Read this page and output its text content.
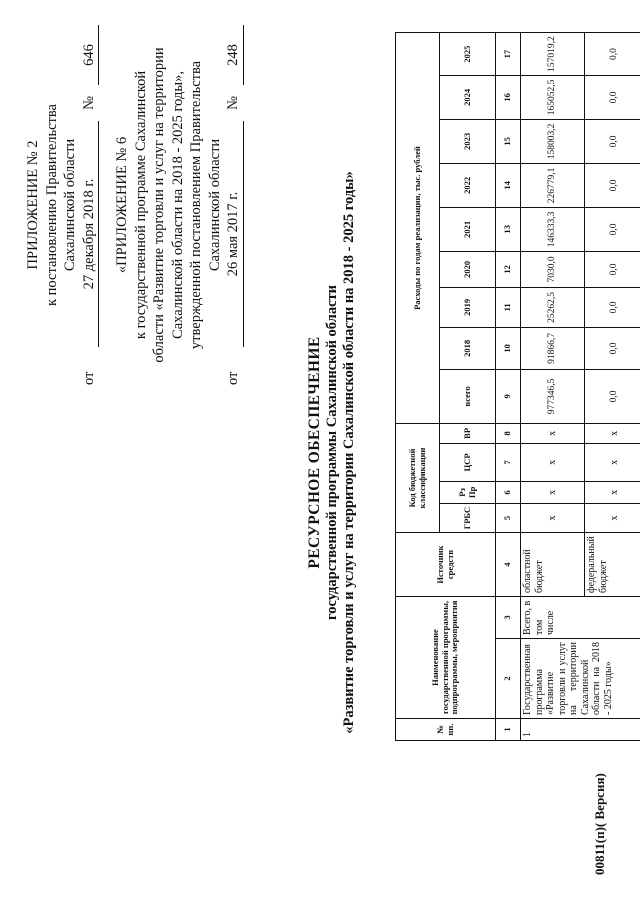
ПРИЛОЖЕНИЕ № 2 к постановлению Правительства Сахалинской области
от
27 декабря 2018 г.
№
646
«ПРИЛОЖЕНИЕ № 6 к государственной программе Сахалинской области «Развитие торговли и услуг на территории Сахалинской области на 2018 - 2025 годы», утвержденной постановлением Правительства Сахалинской области
от
26 мая 2017 г.
№
248
РЕСУРСНОЕ ОБЕСПЕЧЕНИЕ государственной программы Сахалинской области «Развитие торговли и услуг на территории Сахалинской области на 2018 - 2025 годы»	№ пп.	Наименование государственной программы, подпрограммы, мероприятия		Источник средств	Код бюджетной классификации				Расходы по годам реализации, тыс. рублей								
				ГРБС	Рз Пр	ЦСР	ВР	всего	2018	2019	2020	2021	2022	2023	2024	2025
1	2	3	4	5	6	7	8	9	10	11	12	13	14	15	16	17
1	Государственная программа «Развитие торговли и услуг на территории Сахалинской области на 2018 - 2025 годы»	Всего, в том числе	областной бюджет	х	х	х	х	977346,5	91866,7	25262,5	7030,0	146333,3	226779,1	158003,2	165052,5	157019,2
			федеральный бюджет	х	х	х	х	0,0	0,0	0,0	0,0	0,0	0,0	0,0	0,0	0,0
00811(п)( Версия)
